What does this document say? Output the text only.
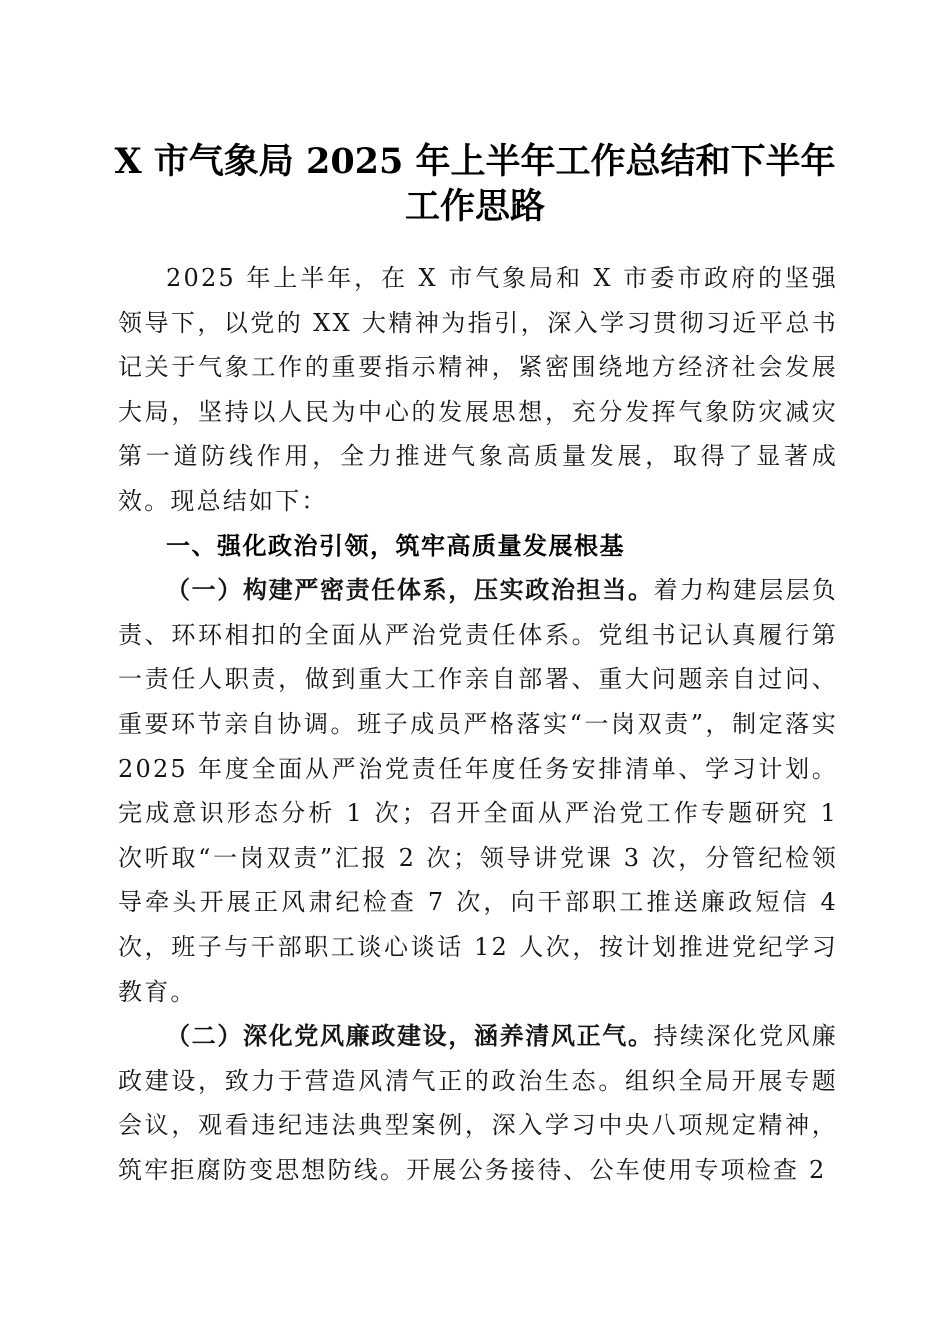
X 市气象局 2025 年上半年工作总结和下半年
工作思路

2025 年上半年，在 X 市气象局和 X 市委市政府的坚强领导下，以党的 XX 大精神为指引，深入学习贯彻习近平总书记关于气象工作的重要指示精神，紧密围绕地方经济社会发展大局，坚持以人民为中心的发展思想，充分发挥气象防灾减灾第一道防线作用，全力推进气象高质量发展，取得了显著成效。现总结如下：

一、强化政治引领，筑牢高质量发展根基

（一）构建严密责任体系，压实政治担当。着力构建层层负责、环环相扣的全面从严治党责任体系。党组书记认真履行第一责任人职责，做到重大工作亲自部署、重大问题亲自过问、重要环节亲自协调。班子成员严格落实“一岗双责”，制定落实 2025 年度全面从严治党责任年度任务安排清单、学习计划。完成意识形态分析 1 次；召开全面从严治党工作专题研究 1 次听取“一岗双责”汇报 2 次；领导讲党课 3 次，分管纪检领导牵头开展正风肃纪检查 7 次，向干部职工推送廉政短信 4 次，班子与干部职工谈心谈话 12 人次，按计划推进党纪学习教育。

（二）深化党风廉政建设，涵养清风正气。持续深化党风廉政建设，致力于营造风清气正的政治生态。组织全局开展专题会议，观看违纪违法典型案例，深入学习中央八项规定精神，筑牢拒腐防变思想防线。开展公务接待、公车使用专项检查 2
